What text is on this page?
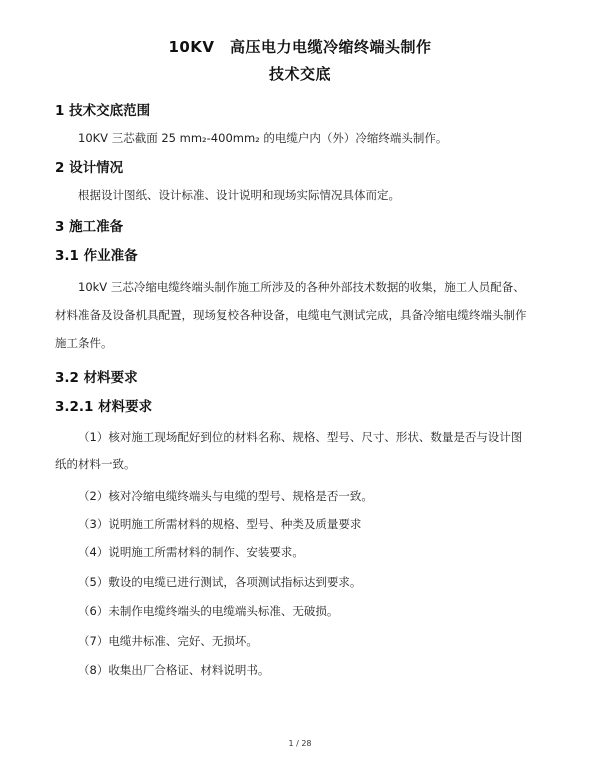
10KV　高压电力电缆冷缩终端头制作
技术交底
1 技术交底范围
10KV 三芯截面 25 mm₂-400mm₂ 的电缆户内（外）冷缩终端头制作。
2 设计情况
根据设计图纸、设计标准、设计说明和现场实际情况具体而定。
3 施工准备
3.1 作业准备
10kV 三芯冷缩电缆终端头制作施工所涉及的各种外部技术数据的收集，施工人员配备、
材料准备及设备机具配置，现场复校各种设备，电缆电气测试完成，具备冷缩电缆终端头制作
施工条件。
3.2 材料要求
3.2.1 材料要求
（1）核对施工现场配好到位的材料名称、规格、型号、尺寸、形状、数量是否与设计图
纸的材料一致。
（2）核对冷缩电缆终端头与电缆的型号、规格是否一致。
（3）说明施工所需材料的规格、型号、种类及质量要求
（4）说明施工所需材料的制作、安装要求。
（5）敷设的电缆已进行测试，各项测试指标达到要求。
（6）未制作电缆终端头的电缆端头标准、无破损。
（7）电缆井标准、完好、无损坏。
（8）收集出厂合格证、材料说明书。
1 / 28
